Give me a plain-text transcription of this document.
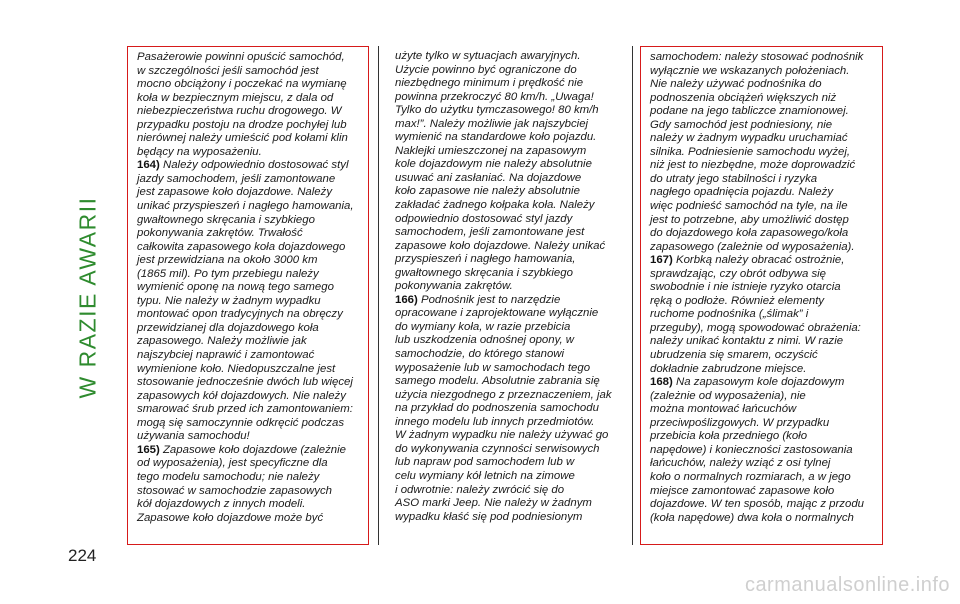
W RAZIE AWARII
224
Pasażerowie powinni opuścić samochód,
w szczególności jeśli samochód jest
mocno obciążony i poczekać na wymianę
koła w bezpiecznym miejscu, z dala od
niebezpieczeństwa ruchu drogowego. W
przypadku postoju na drodze pochyłej lub
nierównej należy umieścić pod kołami klin
będący na wyposażeniu.
164) Należy odpowiednio dostosować styl
jazdy samochodem, jeśli zamontowane
jest zapasowe koło dojazdowe. Należy
unikać przyspieszeń i nagłego hamowania,
gwałtownego skręcania i szybkiego
pokonywania zakrętów. Trwałość
całkowita zapasowego koła dojazdowego
jest przewidziana na około 3000 km
(1865 mil). Po tym przebiegu należy
wymienić oponę na nową tego samego
typu. Nie należy w żadnym wypadku
montować opon tradycyjnych na obręczy
przewidzianej dla dojazdowego koła
zapasowego. Należy możliwie jak
najszybciej naprawić i zamontować
wymienione koło. Niedopuszczalne jest
stosowanie jednocześnie dwóch lub więcej
zapasowych kół dojazdowych. Nie należy
smarować śrub przed ich zamontowaniem:
mogą się samoczynnie odkręcić podczas
używania samochodu!
165) Zapasowe koło dojazdowe (zależnie
od wyposażenia), jest specyficzne dla
tego modelu samochodu; nie należy
stosować w samochodzie zapasowych
kół dojazdowych z innych modeli.
Zapasowe koło dojazdowe może być
użyte tylko w sytuacjach awaryjnych.
Użycie powinno być ograniczone do
niezbędnego minimum i prędkość nie
powinna przekroczyć 80 km/h. „Uwaga!
Tylko do użytku tymczasowego! 80 km/h
max!”. Należy możliwie jak najszybciej
wymienić na standardowe koło pojazdu.
Naklejki umieszczonej na zapasowym
kole dojazdowym nie należy absolutnie
usuwać ani zasłaniać. Na dojazdowe
koło zapasowe nie należy absolutnie
zakładać żadnego kołpaka koła. Należy
odpowiednio dostosować styl jazdy
samochodem, jeśli zamontowane jest
zapasowe koło dojazdowe. Należy unikać
przyspieszeń i nagłego hamowania,
gwałtownego skręcania i szybkiego
pokonywania zakrętów.
166) Podnośnik jest to narzędzie
opracowane i zaprojektowane wyłącznie
do wymiany koła, w razie przebicia
lub uszkodzenia odnośnej opony, w
samochodzie, do którego stanowi
wyposażenie lub w samochodach tego
samego modelu. Absolutnie zabrania się
użycia niezgodnego z przeznaczeniem, jak
na przykład do podnoszenia samochodu
innego modelu lub innych przedmiotów.
W żadnym wypadku nie należy używać go
do wykonywania czynności serwisowych
lub napraw pod samochodem lub w
celu wymiany kół letnich na zimowe
i odwrotnie: należy zwrócić się do
ASO marki Jeep. Nie należy w żadnym
wypadku kłaść się pod podniesionym
samochodem: należy stosować podnośnik
wyłącznie we wskazanych położeniach.
Nie należy używać podnośnika do
podnoszenia obciążeń większych niż
podane na jego tabliczce znamionowej.
Gdy samochód jest podniesiony, nie
należy w żadnym wypadku uruchamiać
silnika. Podniesienie samochodu wyżej,
niż jest to niezbędne, może doprowadzić
do utraty jego stabilności i ryzyka
nagłego opadnięcia pojazdu. Należy
więc podnieść samochód na tyle, na ile
jest to potrzebne, aby umożliwić dostęp
do dojazdowego koła zapasowego/koła
zapasowego (zależnie od wyposażenia).
167) Korbką należy obracać ostrożnie,
sprawdzając, czy obrót odbywa się
swobodnie i nie istnieje ryzyko otarcia
ręką o podłoże. Również elementy
ruchome podnośnika („ślimak” i
przeguby), mogą spowodować obrażenia:
należy unikać kontaktu z nimi. W razie
ubrudzenia się smarem, oczyścić
dokładnie zabrudzone miejsce.
168) Na zapasowym kole dojazdowym
(zależnie od wyposażenia), nie
można montować łańcuchów
przeciwpoślizgowych. W przypadku
przebicia koła przedniego (koło
napędowe) i konieczności zastosowania
łańcuchów, należy wziąć z osi tylnej
koło o normalnych rozmiarach, a w jego
miejsce zamontować zapasowe koło
dojazdowe. W ten sposób, mając z przodu
(koła napędowe) dwa koła o normalnych
carmanualsonline.info
